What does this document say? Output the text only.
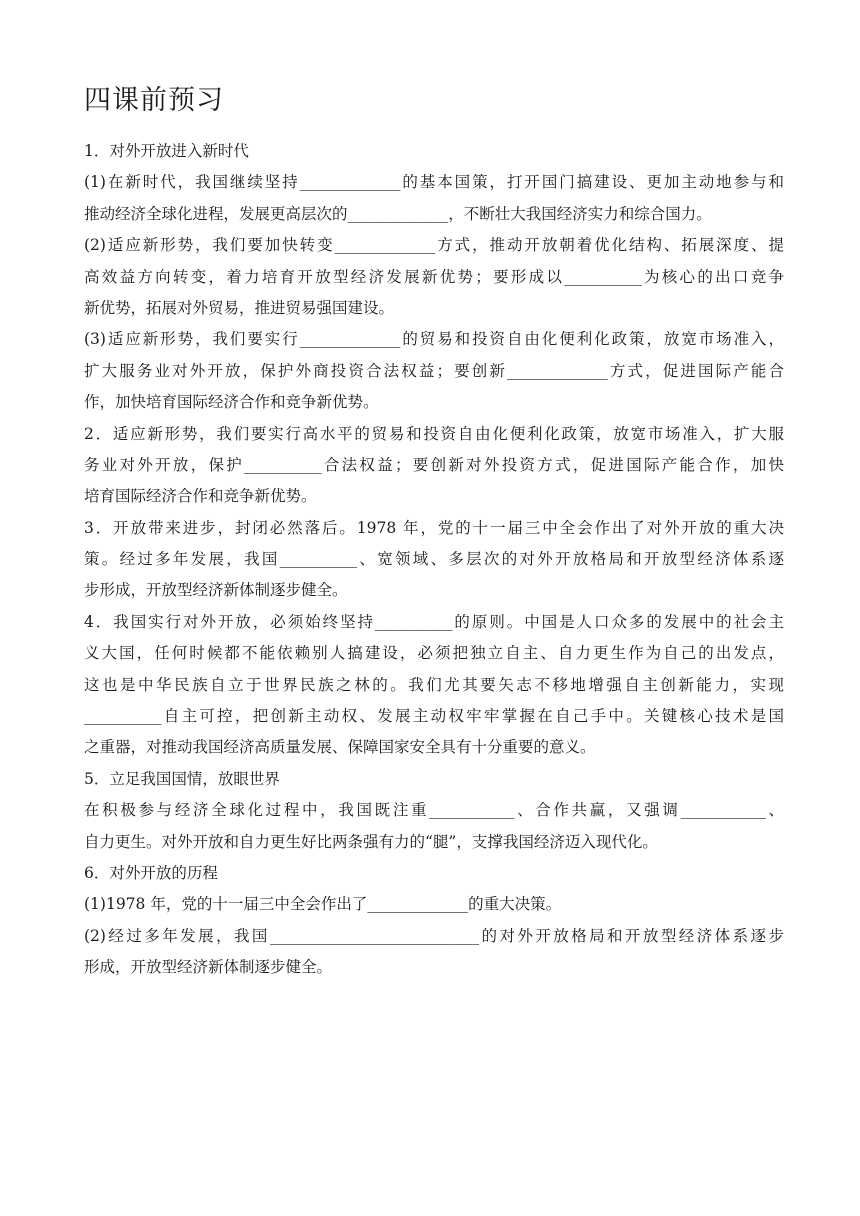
四课前预习
1．对外开放进入新时代
(1)在新时代，我国继续坚持_____________的基本国策，打开国门搞建设、更加主动地参与和
推动经济全球化进程，发展更高层次的_____________，不断壮大我国经济实力和综合国力。
(2)适应新形势，我们要加快转变_____________方式，推动开放朝着优化结构、拓展深度、提
高效益方向转变，着力培育开放型经济发展新优势；要形成以__________为核心的出口竞争
新优势，拓展对外贸易，推进贸易强国建设。
(3)适应新形势，我们要实行_____________的贸易和投资自由化便利化政策，放宽市场准入，
扩大服务业对外开放，保护外商投资合法权益；要创新_____________方式，促进国际产能合
作，加快培育国际经济合作和竞争新优势。
2．适应新形势，我们要实行高水平的贸易和投资自由化便利化政策，放宽市场准入，扩大服
务业对外开放，保护__________合法权益；要创新对外投资方式，促进国际产能合作，加快
培育国际经济合作和竞争新优势。
3．开放带来进步，封闭必然落后。1978 年，党的十一届三中全会作出了对外开放的重大决
策。经过多年发展，我国__________、宽领域、多层次的对外开放格局和开放型经济体系逐
步形成，开放型经济新体制逐步健全。
4．我国实行对外开放，必须始终坚持__________的原则。中国是人口众多的发展中的社会主
义大国，任何时候都不能依赖别人搞建设，必须把独立自主、自力更生作为自己的出发点，
这也是中华民族自立于世界民族之林的。我们尤其要矢志不移地增强自主创新能力，实现
__________自主可控，把创新主动权、发展主动权牢牢掌握在自己手中。关键核心技术是国
之重器，对推动我国经济高质量发展、保障国家安全具有十分重要的意义。
5．立足我国国情，放眼世界
在积极参与经济全球化过程中，我国既注重___________、合作共赢，又强调___________、
自力更生。对外开放和自力更生好比两条强有力的“腿”，支撑我国经济迈入现代化。
6．对外开放的历程
(1)1978 年，党的十一届三中全会作出了_____________的重大决策。
(2)经过多年发展，我国___________________________的对外开放格局和开放型经济体系逐步
形成，开放型经济新体制逐步健全。
